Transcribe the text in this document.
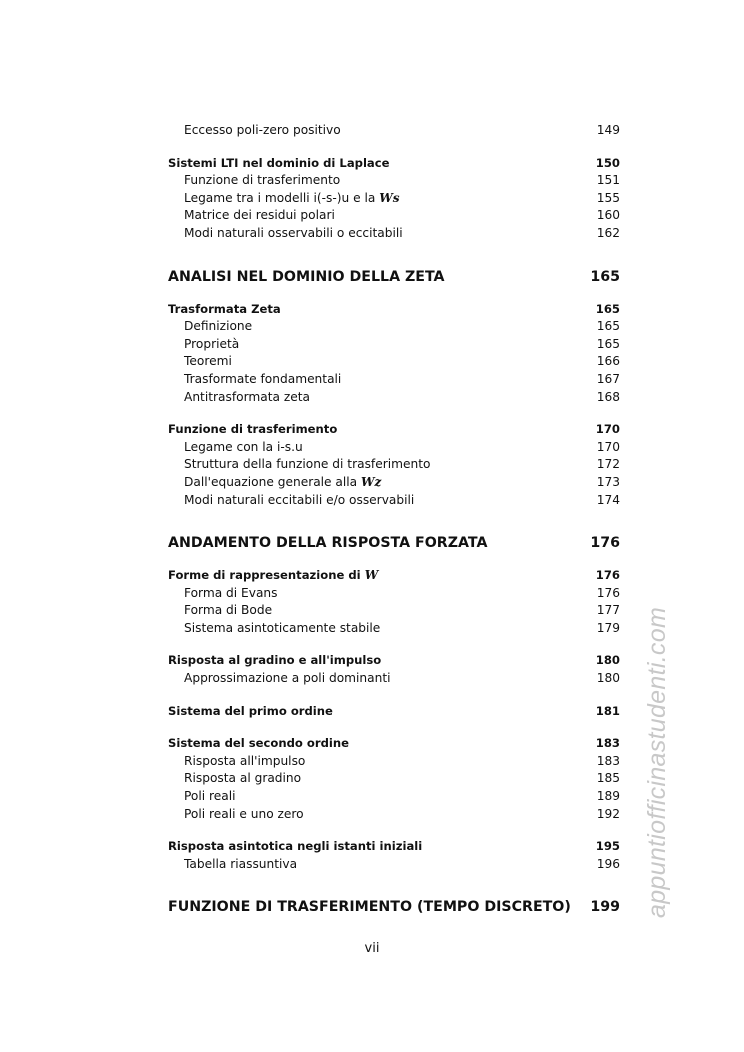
Eccesso poli-zero positivo	149
Sistemi LTI nel dominio di Laplace	150
Funzione di trasferimento	151
Legame tra i modelli i(-s-)u e la Ws	155
Matrice dei residui polari	160
Modi naturali osservabili o eccitabili	162
ANALISI NEL DOMINIO DELLA ZETA	165
Trasformata Zeta	165
Definizione	165
Proprietà	165
Teoremi	166
Trasformate fondamentali	167
Antitrasformata zeta	168
Funzione di trasferimento	170
Legame con la i-s.u	170
Struttura della funzione di trasferimento	172
Dall'equazione generale alla Wz	173
Modi naturali eccitabili e/o osservabili	174
ANDAMENTO DELLA RISPOSTA FORZATA	176
Forme di rappresentazione di W	176
Forma di Evans	176
Forma di Bode	177
Sistema asintoticamente stabile	179
Risposta al gradino e all'impulso	180
Approssimazione a poli dominanti	180
Sistema del primo ordine	181
Sistema del secondo ordine	183
Risposta all'impulso	183
Risposta al gradino	185
Poli reali	189
Poli reali e uno zero	192
Risposta asintotica negli istanti iniziali	195
Tabella riassuntiva	196
FUNZIONE DI TRASFERIMENTO (TEMPO DISCRETO) 199
vii
appuntiofficinastudenti.com
